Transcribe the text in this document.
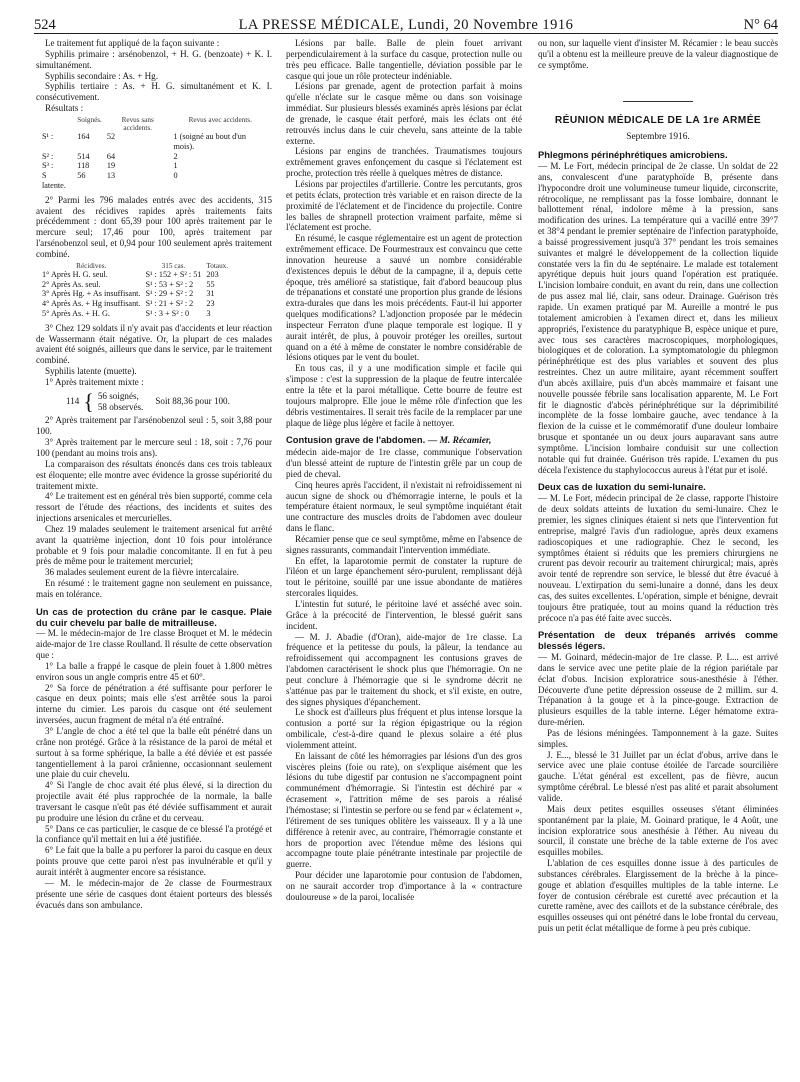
524	LA PRESSE MÉDICALE, Lundi, 20 Novembre 1916	N° 64

Le traitement fut appliqué de la façon suivante :

Syphilis primaire : arsénobenzol, + H. G. (benzoate) + K. I. simultanément.

Syphilis secondaire : As. + Hg.

Syphilis tertiaire : As. + H. G. simultanément et K. I. consécutivement.

Résultats :

	Soignés.	Revus sans accidents.	Revus avec accidents.
S¹ :	164	52	1 (soigné au bout d'un mois).
S² :	514	64	2
S³ :	118	19	1
S latente.	56	13	0

2° Parmi les 796 malades entrés avec des accidents, 315 avaient des récidives rapides après traitements faits précédemment : dont 65,39 pour 100 après traitement par le mercure seul; 17,46 pour 100, après traitement par l'arsénobenzol seul, et 0,94 pour 100 seulement après traitement combiné.

Récidives.	315 cas.	Totaux.
1° Après H. G. seul.	S¹ : 152 + S² : 51	203
2° Après As. seul.	S¹ : 53 + S² : 2	55
3° Après Hg. + As insuffisant.	S¹ : 29 + S² : 2	31
4° Après As. + Hg insuffisant.	S¹ : 21 + S² : 2	23
5° Après As. + H. G.	S¹ : 3 + S² : 0	3

3° Chez 129 soldats il n'y avait pas d'accidents et leur réaction de Wassermann était négative. Or, la plupart de ces malades avaient été soignés, ailleurs que dans le service, par le traitement combiné.

Syphilis latente (muette).

1° Après traitement mixte :

114 { 56 soignés,
58 observés.
Soit 88,36 pour 100.

2° Après traitement par l'arsénobenzol seul : 5, soit 3,88 pour 100.

3° Après traitement par le mercure seul : 18, soit : 7,76 pour 100 (pendant au moins trois ans).

La comparaison des résultats énoncés dans ces trois tableaux est éloquente; elle montre avec évidence la grosse supériorité du traitement mixte.

4° Le traitement est en général très bien supporté, comme cela ressort de l'étude des réactions, des incidents et suites des injections arsenicales et mercurielles.

Chez 19 malades seulement le traitement arsenical fut arrêté avant la quatrième injection, dont 10 fois pour intolérance probable et 9 fois pour maladie concomitante. Il en fut à peu près de même pour le traitement mercuriel;

36 malades seulement eurent de la fièvre intercalaire.

En résumé : le traitement gagne non seulement en puissance, mais en tolérance.

Un cas de protection du crâne par le casque. Plaie du cuir chevelu par balle de mitrailleuse.

— M. le médecin-major de 1re classe Broquet et M. le médecin aide-major de 1re classe Roulland. Il résulte de cette observation que :

1° La balle a frappé le casque de plein fouet à 1.800 mètres environ sous un angle compris entre 45 et 60°.

2° Sa force de pénétration a été suffisante pour perforer le casque en deux points; mais elle s'est arrêtée sous la paroi interne du cimier. Les parois du casque ont été seulement inversées, aucun fragment de métal n'a été entraîné.

3° L'angle de choc a été tel que la balle eût pénétré dans un crâne non protégé. Grâce à la résistance de la paroi de métal et surtout à sa forme sphérique, la balle a été déviée et est passée tangentiellement à la paroi crânienne, occasionnant seulement une plaie du cuir chevelu.

4° Si l'angle de choc avait été plus élevé, si la direction du projectile avait été plus rapprochée de la normale, la balle traversant le casque n'eût pas été déviée suffisamment et aurait pu produire une lésion du crâne et du cerveau.

5° Dans ce cas particulier, le casque de ce blessé l'a protégé et la confiance qu'il mettait en lui a été justifiée.

6° Le fait que la balle a pu perforer la paroi du casque en deux points prouve que cette paroi n'est pas invulnérable et qu'il y aurait intérêt à augmenter encore sa résistance.

— M. le médecin-major de 2e classe de Fourmestraux présente une série de casques dont étaient porteurs des blessés évacués dans son ambulance.

Lésions par balle. Balle de plein fouet arrivant perpendiculairement à la surface du casque, protection nulle ou très peu efficace. Balle tangentielle, déviation possible par le casque qui joue un rôle protecteur indéniable.

Lésions par grenade, agent de protection parfait à moins qu'elle n'éclate sur le casque même ou dans son voisinage immédiat. Sur plusieurs blessés examinés après lésions par éclat de grenade, le casque était perforé, mais les éclats ont été retrouvés inclus dans le cuir chevelu, sans atteinte de la table externe.

Lésions par engins de tranchées. Traumatismes toujours extrêmement graves enfonçement du casque si l'éclatement est proche, protection très réelle à quelques mètres de distance.

Lésions par projectiles d'artillerie. Contre les percutants, gros et petits éclats, protection très variable et en raison directe de la proximité de l'éclatement et de l'incidence du projectile. Contre les balles de shrapnell protection vraiment parfaite, même si l'éclatement est proche.

En résumé, le casque réglementaire est un agent de protection extrêmement efficace. De Fourmestraux est convaincu que cette innovation heureuse a sauvé un nombre considérable d'existences depuis le début de la campagne, il a, depuis cette époque, très amélioré sa statistique, fait d'abord beaucoup plus de trépanations et constaté une proportion plus grande de lésions extra-durales que dans les mois précédents. Faut-il lui apporter quelques modifications? L'adjonction proposée par le médecin inspecteur Ferraton d'une plaque temporale est logique. Il y aurait intérêt, de plus, à pouvoir protéger les oreilles, surtout quand on a été à même de constater le nombre considérable de lésions otiques par le vent du boulet.

En tous cas, il y a une modification simple et facile qui s'impose : c'est la suppression de la plaque de feutre intercalée entre la tête et la paroi métallique. Cette bourre de feutre est toujours malpropre. Elle joue le même rôle d'infection que les débris vestimentaires. Il serait très facile de la remplacer par une plaque de liège plus légère et facile à nettoyer.

Contusion grave de l'abdomen. — M. Récamier,

médecin aide-major de 1re classe, communique l'observation d'un blessé atteint de rupture de l'intestin grêle par un coup de pied de cheval.

Cinq heures après l'accident, il n'existait ni refroidissement ni aucun signe de shock ou d'hémorragie interne, le pouls et la température étaient normaux, le seul symptôme inquiétant était une contracture des muscles droits de l'abdomen avec douleur dans le flanc.

Récamier pense que ce seul symptôme, même en l'absence de signes rassurants, commandait l'intervention immédiate.

En effet, la laparotomie permit de constater la rupture de l'iléon et un large épanchement séro-purulent, remplissant déjà tout le péritoine, souillé par une issue abondante de matières stercorales liquides.

L'intestin fut suturé, le péritoine lavé et asséché avec soin. Grâce à la précocité de l'intervention, le blessé guérit sans incident.

— M. J. Abadie (d'Oran), aide-major de 1re classe. La fréquence et la petitesse du pouls, la pâleur, la tendance au refroidissement qui accompagnent les contusions graves de l'abdomen caractérisent le shock plus que l'hémorragie. On ne peut conclure à l'hémorragie que si le syndrome décrit ne s'atténue pas par le traitement du shock, et s'il existe, en outre, des signes physiques d'épanchement.

Le shock est d'ailleurs plus fréquent et plus intense lorsque la contusion a porté sur la région épigastrique ou la région ombilicale, c'est-à-dire quand le plexus solaire a été plus violemment atteint.

En laissant de côté les hémorragies par lésions d'un des gros viscères pleins (foie ou rate), on s'explique aisément que les lésions du tube digestif par contusion ne s'accompagnent point communément d'hémorragie. Si l'intestin est déchiré par « écrasement », l'attrition même de ses parois a réalisé l'hémostase; si l'intestin se perfore ou se fend par « éclatement », l'étirement de ses tuniques oblitère les vaisseaux. Il y a là une différence à retenir avec, au contraire, l'hémorragie constante et hors de proportion avec l'étendue même des lésions qui accompagne toute plaie pénétrante intestinale par projectile de guerre.

Pour décider une laparotomie pour contusion de l'abdomen, on ne saurait accorder trop d'importance à la « contracture douloureuse » de la paroi, localisée

ou non, sur laquelle vient d'insister M. Récamier : le beau succès qu'il a obtenu est la meilleure preuve de la valeur diagnostique de ce symptôme.

RÉUNION MÉDICALE DE LA 1re ARMÉE
Septembre 1916.
Phlegmons périnéphrétiques amicrobiens.

— M. Le Fort, médecin principal de 2e classe. Un soldat de 22 ans, convalescent d'une paratyphoïde B, présente dans l'hypocondre droit une volumineuse tumeur liquide, circonscrite, rétrocolique, ne remplissant pas la fosse lombaire, donnant le ballottement rénal, indolore même à la pression, sans modification des urines. La température qui a vacillé entre 39°7 et 38°4 pendant le premier septénaire de l'infection paratyphoïde, a baissé progressivement jusqu'à 37° pendant les trois semaines suivantes et malgré le développement de la collection liquide constatée vers la fin du 4e septénaire. Le malade est totalement apyrétique depuis huit jours quand l'opération est pratiquée. L'incision lombaire conduit, en avant du rein, dans une collection de pus assez mal lié, clair, sans odeur. Drainage. Guérison très rapide. Un examen pratiqué par M. Aureille a montré le pus totalement amicrobien à l'examen direct et, dans les milieux appropriés, l'existence du paratyphique B, espèce unique et pure, avec tous ses caractères macroscopiques, morphologiques, biologiques et de coloration. La symptomatologie du phlegmon périnéphrétique est des plus variables et souvent des plus restreintes. Chez un autre militaire, ayant récemment souffert d'un abcès axillaire, puis d'un abcès mammaire et faisant une nouvelle poussée fébrile sans localisation apparente, M. Le Fort fit le diagnostic d'abcès périnéphrétique sur la déprimibilité incomplète de la fosse lombaire gauche, avec tendance à la flexion de la cuisse et le commémoratif d'une douleur lombaire brusque et spontanée un ou deux jours auparavant sans autre symptôme. L'incision lombaire conduisit sur une collection notable qui fut drainée. Guérison très rapide. L'examen du pus décela l'existence du staphylococcus aureus à l'état pur et isolé.

Deux cas de luxation du semi-lunaire.

— M. Le Fort, médecin principal de 2e classe, rapporte l'histoire de deux soldats atteints de luxation du semi-lunaire. Chez le premier, les signes cliniques étaient si nets que l'intervention fut entreprise, malgré l'avis d'un radiologue, après deux examens radioscopiques et une radiographie. Chez le second, les symptômes étaient si réduits que les premiers chirurgiens ne crurent pas devoir recourir au traitement chirurgical; mais, après avoir tenté de reprendre son service, le blessé dut être évacué à nouveau. L'extirpation du semi-lunaire a donné, dans les deux cas, des suites excellentes. L'opération, simple et bénigne, devrait toujours être pratiquée, tout au moins quand la réduction très précoce n'a pas été faite avec succès.

Présentation de deux trépanés arrivés comme blessés légers.

— M. Goinard, médecin-major de 1re classe. P. L... est arrivé dans le service avec une petite plaie de la région pariétale par éclat d'obus. Incision exploratrice sous-anesthésie à l'éther. Découverte d'une petite dépression osseuse de 2 millim. sur 4. Trépanation à la gouge et à la pince-gouge. Extraction de plusieurs esquilles de la table interne. Léger hématome extra-dure-mérien.

Pas de lésions méningées. Tamponnement à la gaze. Suites simples.

J. E..., blessé le 31 Juillet par un éclat d'obus, arrive dans le service avec une plaie contuse étoilée de l'arcade sourcilière gauche. L'état général est excellent, pas de fièvre, aucun symptôme cérébral. Le blessé n'est pas alité et parait absolument valide.

Mais deux petites esquilles osseuses s'étant éliminées spontanément par la plaie, M. Goinard pratique, le 4 Août, une incision exploratrice sous anesthésie à l'éther. Au niveau du sourcil, il constate une brèche de la table externe de l'os avec esquilles mobiles.

L'ablation de ces esquilles donne issue à des particules de substances cérébrales. Elargissement de la brèche à la pince-gouge et ablation d'esquilles multiples de la table interne. Le foyer de contusion cérébrale est curetté avec précaution et la curette ramène, avec des caillots et de la substance cérébrale, des esquilles osseuses qui ont pénétré dans le lobe frontal du cerveau, puis un petit éclat métallique de forme à peu près cubique.
